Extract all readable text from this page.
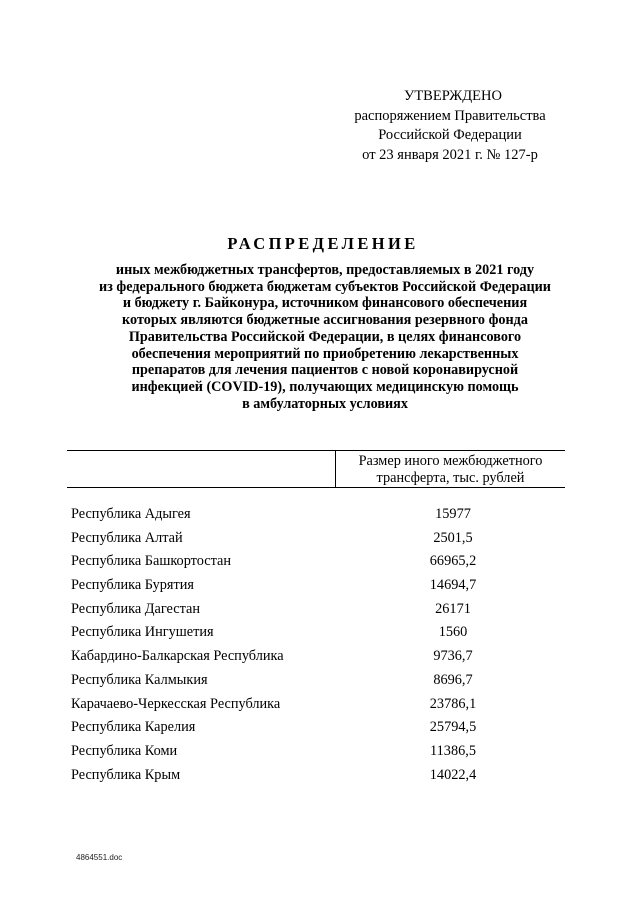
УТВЕРЖДЕНО
распоряжением Правительства
Российской Федерации
от 23 января 2021 г. № 127-р
РАСПРЕДЕЛЕНИЕ
иных межбюджетных трансфертов, предоставляемых в 2021 году
из федерального бюджета бюджетам субъектов Российской Федерации
и бюджету г. Байконура, источником финансового обеспечения
которых являются бюджетные ассигнования резервного фонда
Правительства Российской Федерации, в целях финансового
обеспечения мероприятий по приобретению лекарственных
препаратов для лечения пациентов с новой коронавирусной
инфекцией (COVID-19), получающих медицинскую помощь
в амбулаторных условиях
Размер иного межбюджетного
трансферта, тыс. рублей
Республика Адыгея	15977
Республика Алтай	2501,5
Республика Башкортостан	66965,2
Республика Бурятия	14694,7
Республика Дагестан	26171
Республика Ингушетия	1560
Кабардино-Балкарская Республика	9736,7
Республика Калмыкия	8696,7
Карачаево-Черкесская Республика	23786,1
Республика Карелия	25794,5
Республика Коми	11386,5
Республика Крым	14022,4
4864551.doc
